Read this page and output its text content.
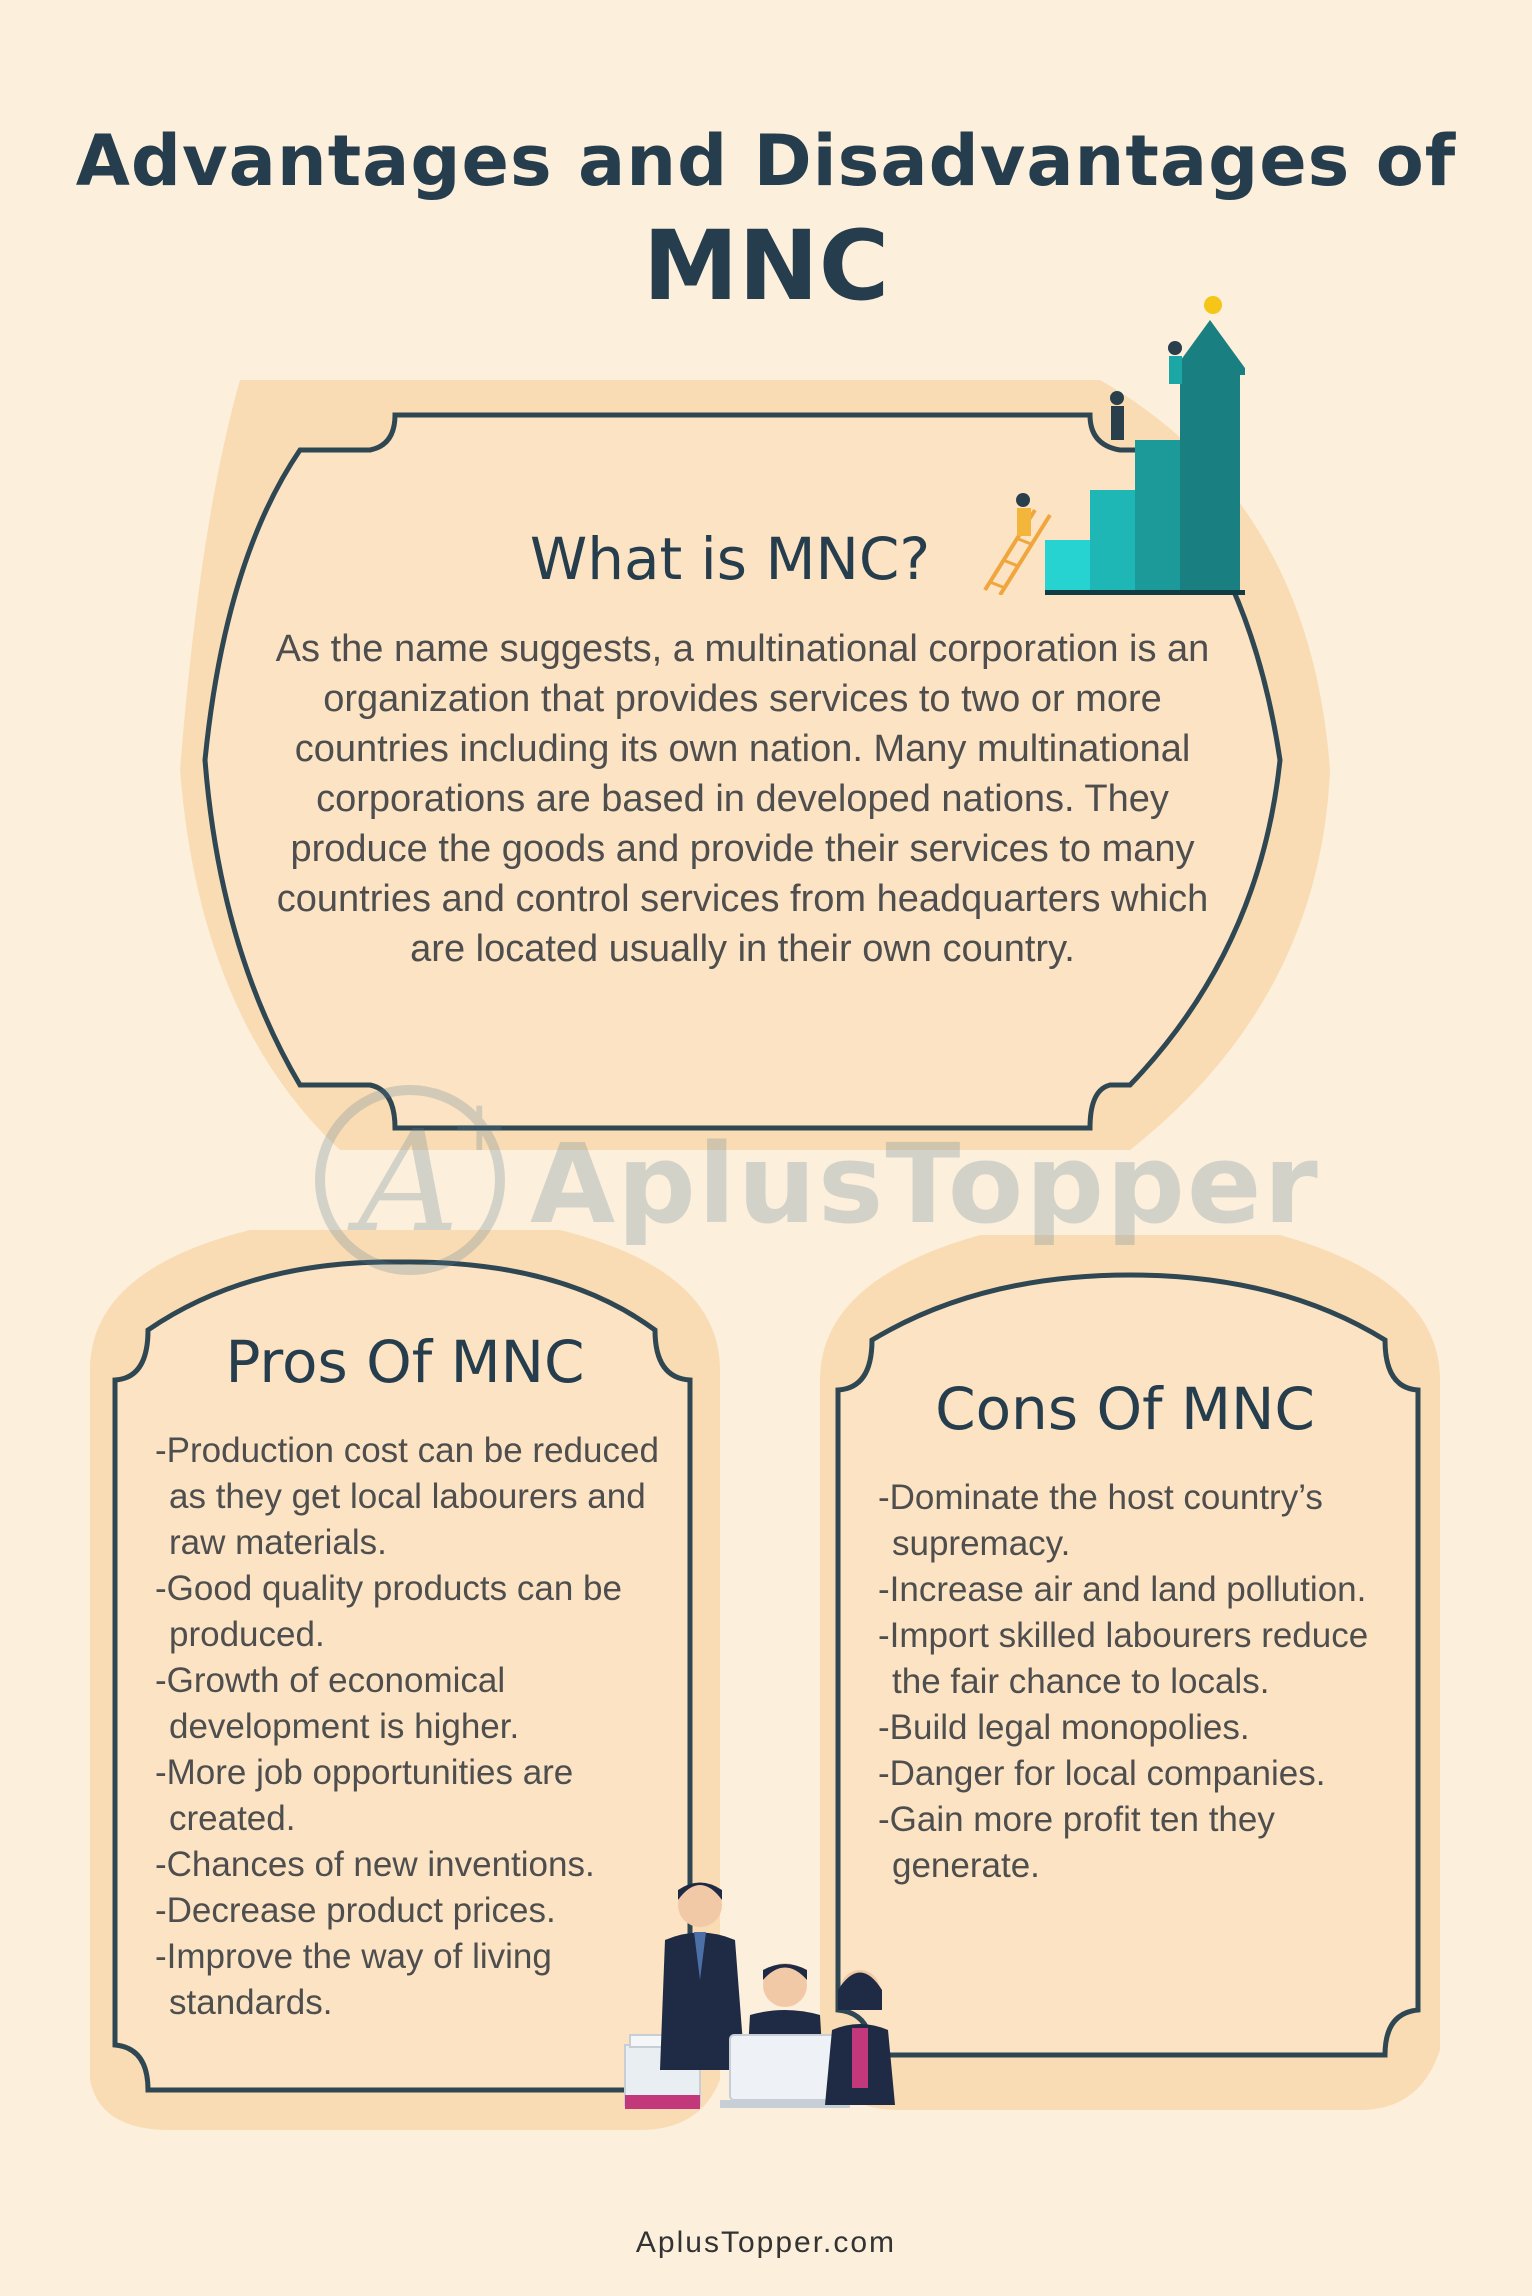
Advantages and Disadvantages of
MNC
What is MNC?
As the name suggests, a multinational corporation is an organization that provides services to two or more countries including its own nation. Many multinational corporations are based in developed nations. They produce the goods and provide their services to many countries and control services from headquarters which are located usually in their own country.
A
+ AplusTopper
Pros Of MNC
-Production cost can be reduced as they get local labourers and raw materials.
-Good quality products can be produced.
-Growth of economical development is higher.
-More job opportunities are created.
-Chances of new inventions.
-Decrease product prices.
-Improve the way of living standards.
Cons Of MNC
-Dominate the host country’s supremacy.
-Increase air and land pollution.
-Import skilled labourers reduce the fair chance to locals.
-Build legal monopolies.
-Danger for local companies.
-Gain more profit ten they generate.
AplusTopper.com
